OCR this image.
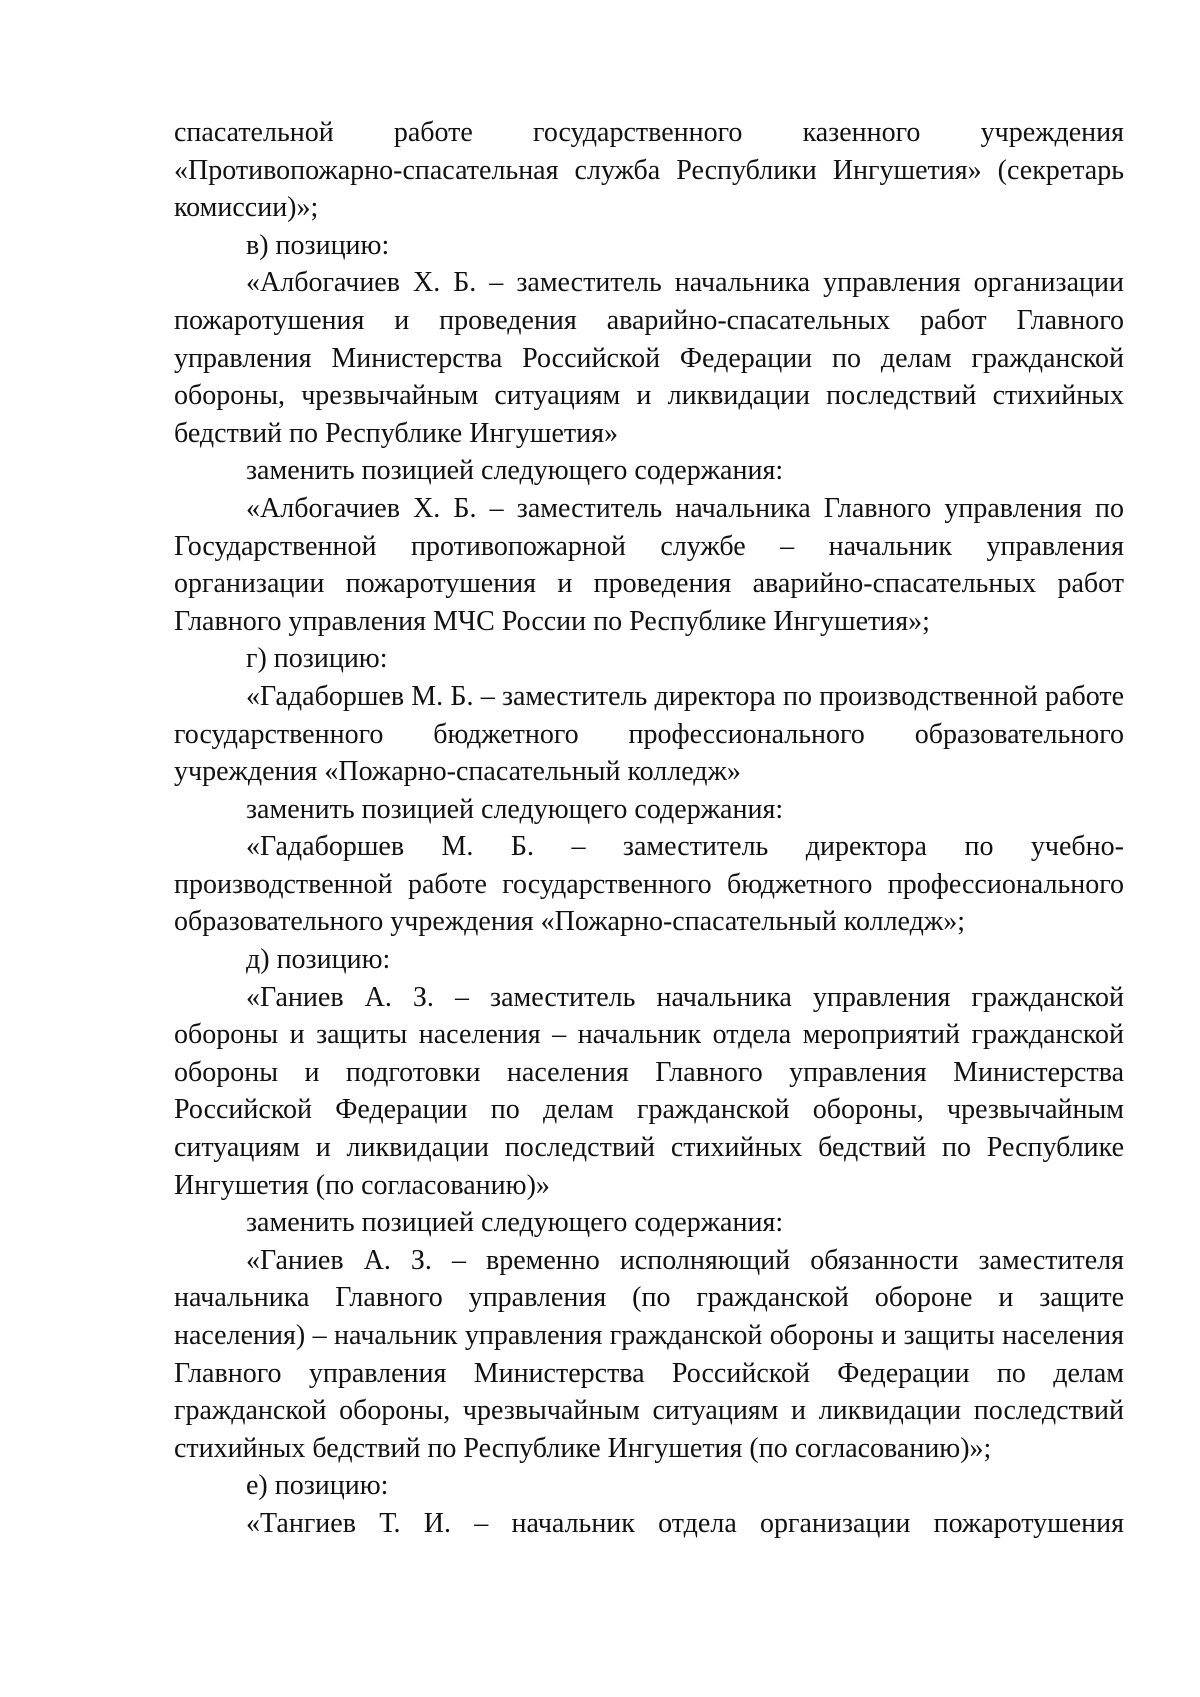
спасательной работе государственного казенного учреждения «Противопожарно-спасательная служба Республики Ингушетия» (секретарь комиссии)»;

в) позицию:

«Албогачиев Х. Б. – заместитель начальника управления организации пожаротушения и проведения аварийно-спасательных работ Главного управления Министерства Российской Федерации по делам гражданской обороны, чрезвычайным ситуациям и ликвидации последствий стихийных бедствий по Республике Ингушетия»

заменить позицией следующего содержания:

«Албогачиев Х. Б. – заместитель начальника Главного управления по Государственной противопожарной службе – начальник управления организации пожаротушения и проведения аварийно-спасательных работ Главного управления МЧС России по Республике Ингушетия»;

г) позицию:

«Гадаборшев М. Б. – заместитель директора по производственной работе государственного бюджетного профессионального образовательного учреждения «Пожарно-спасательный колледж»

заменить позицией следующего содержания:

«Гадаборшев М. Б. – заместитель директора по учебно-производственной работе государственного бюджетного профессионального образовательного учреждения «Пожарно-спасательный колледж»;

д) позицию:

«Ганиев А. З. – заместитель начальника управления гражданской обороны и защиты населения – начальник отдела мероприятий гражданской обороны и подготовки населения Главного управления Министерства Российской Федерации по делам гражданской обороны, чрезвычайным ситуациям и ликвидации последствий стихийных бедствий по Республике Ингушетия (по согласованию)»

заменить позицией следующего содержания:

«Ганиев А. З. – временно исполняющий обязанности заместителя начальника Главного управления (по гражданской обороне и защите населения) – начальник управления гражданской обороны и защиты населения Главного управления Министерства Российской Федерации по делам гражданской обороны, чрезвычайным ситуациям и ликвидации последствий стихийных бедствий по Республике Ингушетия (по согласованию)»;

е) позицию:

«Тангиев Т. И. – начальник отдела организации пожаротушения
